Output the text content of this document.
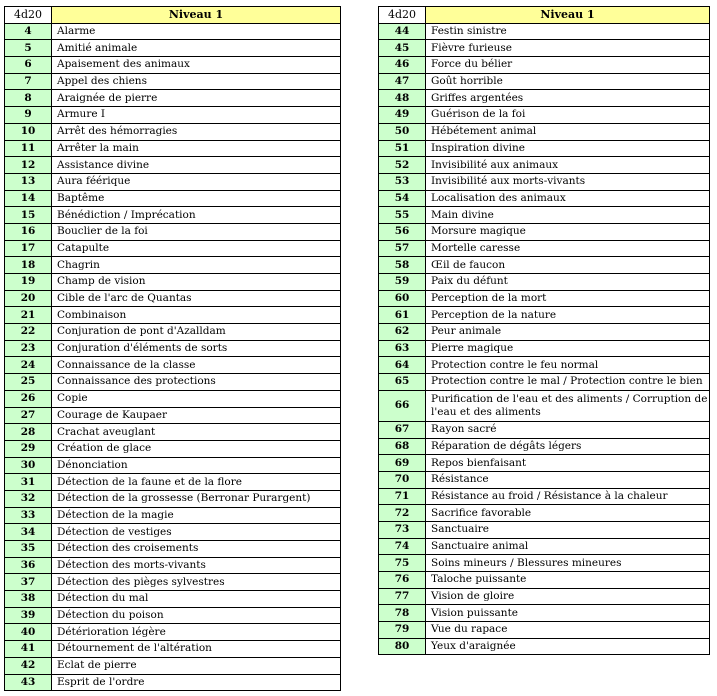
4d20	Niveau 1
4	Alarme
5	Amitié animale
6	Apaisement des animaux
7	Appel des chiens
8	Araignée de pierre
9	Armure I
10	Arrêt des hémorragies
11	Arrêter la main
12	Assistance divine
13	Aura féérique
14	Baptême
15	Bénédiction / Imprécation
16	Bouclier de la foi
17	Catapulte
18	Chagrin
19	Champ de vision
20	Cible de l'arc de Quantas
21	Combinaison
22	Conjuration de pont d'Azalldam
23	Conjuration d'éléments de sorts
24	Connaissance de la classe
25	Connaissance des protections
26	Copie
27	Courage de Kaupaer
28	Crachat aveuglant
29	Création de glace
30	Dénonciation
31	Détection de la faune et de la flore
32	Détection de la grossesse (Berronar Purargent)
33	Détection de la magie
34	Détection de vestiges
35	Détection des croisements
36	Détection des morts-vivants
37	Détection des pièges sylvestres
38	Détection du mal
39	Détection du poison
40	Détérioration légère
41	Détournement de l'altération
42	Eclat de pierre
43	Esprit de l'ordre
4d20	Niveau 1
44	Festin sinistre
45	Fièvre furieuse
46	Force du bélier
47	Goût horrible
48	Griffes argentées
49	Guérison de la foi
50	Hébétement animal
51	Inspiration divine
52	Invisibilité aux animaux
53	Invisibilité aux morts-vivants
54	Localisation des animaux
55	Main divine
56	Morsure magique
57	Mortelle caresse
58	Œil de faucon
59	Paix du défunt
60	Perception de la mort
61	Perception de la nature
62	Peur animale
63	Pierre magique
64	Protection contre le feu normal
65	Protection contre le mal / Protection contre le bien
66	Purification de l'eau et des aliments / Corruption de l'eau et des aliments
67	Rayon sacré
68	Réparation de dégâts légers
69	Repos bienfaisant
70	Résistance
71	Résistance au froid / Résistance à la chaleur
72	Sacrifice favorable
73	Sanctuaire
74	Sanctuaire animal
75	Soins mineurs / Blessures mineures
76	Taloche puissante
77	Vision de gloire
78	Vision puissante
79	Vue du rapace
80	Yeux d'araignée
